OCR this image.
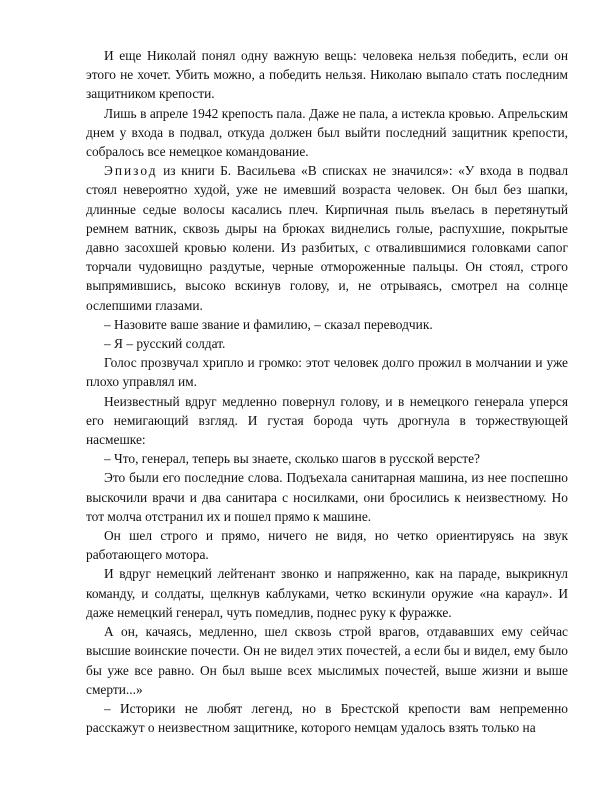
И еще Николай понял одну важную вещь: человека нельзя победить, если он этого не хочет. Убить можно, а победить нельзя. Николаю выпало стать последним защитником крепости.

Лишь в апреле 1942 крепость пала. Даже не пала, а истекла кровью. Апрельским днем у входа в подвал, откуда должен был выйти последний защитник крепости, собралось все немецкое командование.

Эпизод из книги Б. Васильева «В списках не значился»: «У входа в подвал стоял невероятно худой, уже не имевший возраста человек. Он был без шапки, длинные седые волосы касались плеч. Кирпичная пыль въелась в перетянутый ремнем ватник, сквозь дыры на брюках виднелись голые, распухшие, покрытые давно засохшей кровью колени. Из разбитых, с отвалившимися головками сапог торчали чудовищно раздутые, черные отмороженные пальцы. Он стоял, строго выпрямившись, высоко вскинув голову, и, не отрываясь, смотрел на солнце ослепшими глазами.

– Назовите ваше звание и фамилию, – сказал переводчик.

– Я – русский солдат.

Голос прозвучал хрипло и громко: этот человек долго прожил в молчании и уже плохо управлял им.

Неизвестный вдруг медленно повернул голову, и в немецкого генерала уперся его немигающий взгляд. И густая борода чуть дрогнула в торжествующей насмешке:

– Что, генерал, теперь вы знаете, сколько шагов в русской версте?

Это были его последние слова. Подъехала санитарная машина, из нее поспешно выскочили врачи и два санитара с носилками, они бросились к неизвестному. Но тот молча отстранил их и пошел прямо к машине.

Он шел строго и прямо, ничего не видя, но четко ориентируясь на звук работающего мотора.

И вдруг немецкий лейтенант звонко и напряженно, как на параде, выкрикнул команду, и солдаты, щелкнув каблуками, четко вскинули оружие «на караул». И даже немецкий генерал, чуть помедлив, поднес руку к фуражке.

А он, качаясь, медленно, шел сквозь строй врагов, отдававших ему сейчас высшие воинские почести. Он не видел этих почестей, а если бы и видел, ему было бы уже все равно. Он был выше всех мыслимых почестей, выше жизни и выше смерти...»

– Историки не любят легенд, но в Брестской крепости вам непременно расскажут о неизвестном защитнике, которого немцам удалось взять только на
